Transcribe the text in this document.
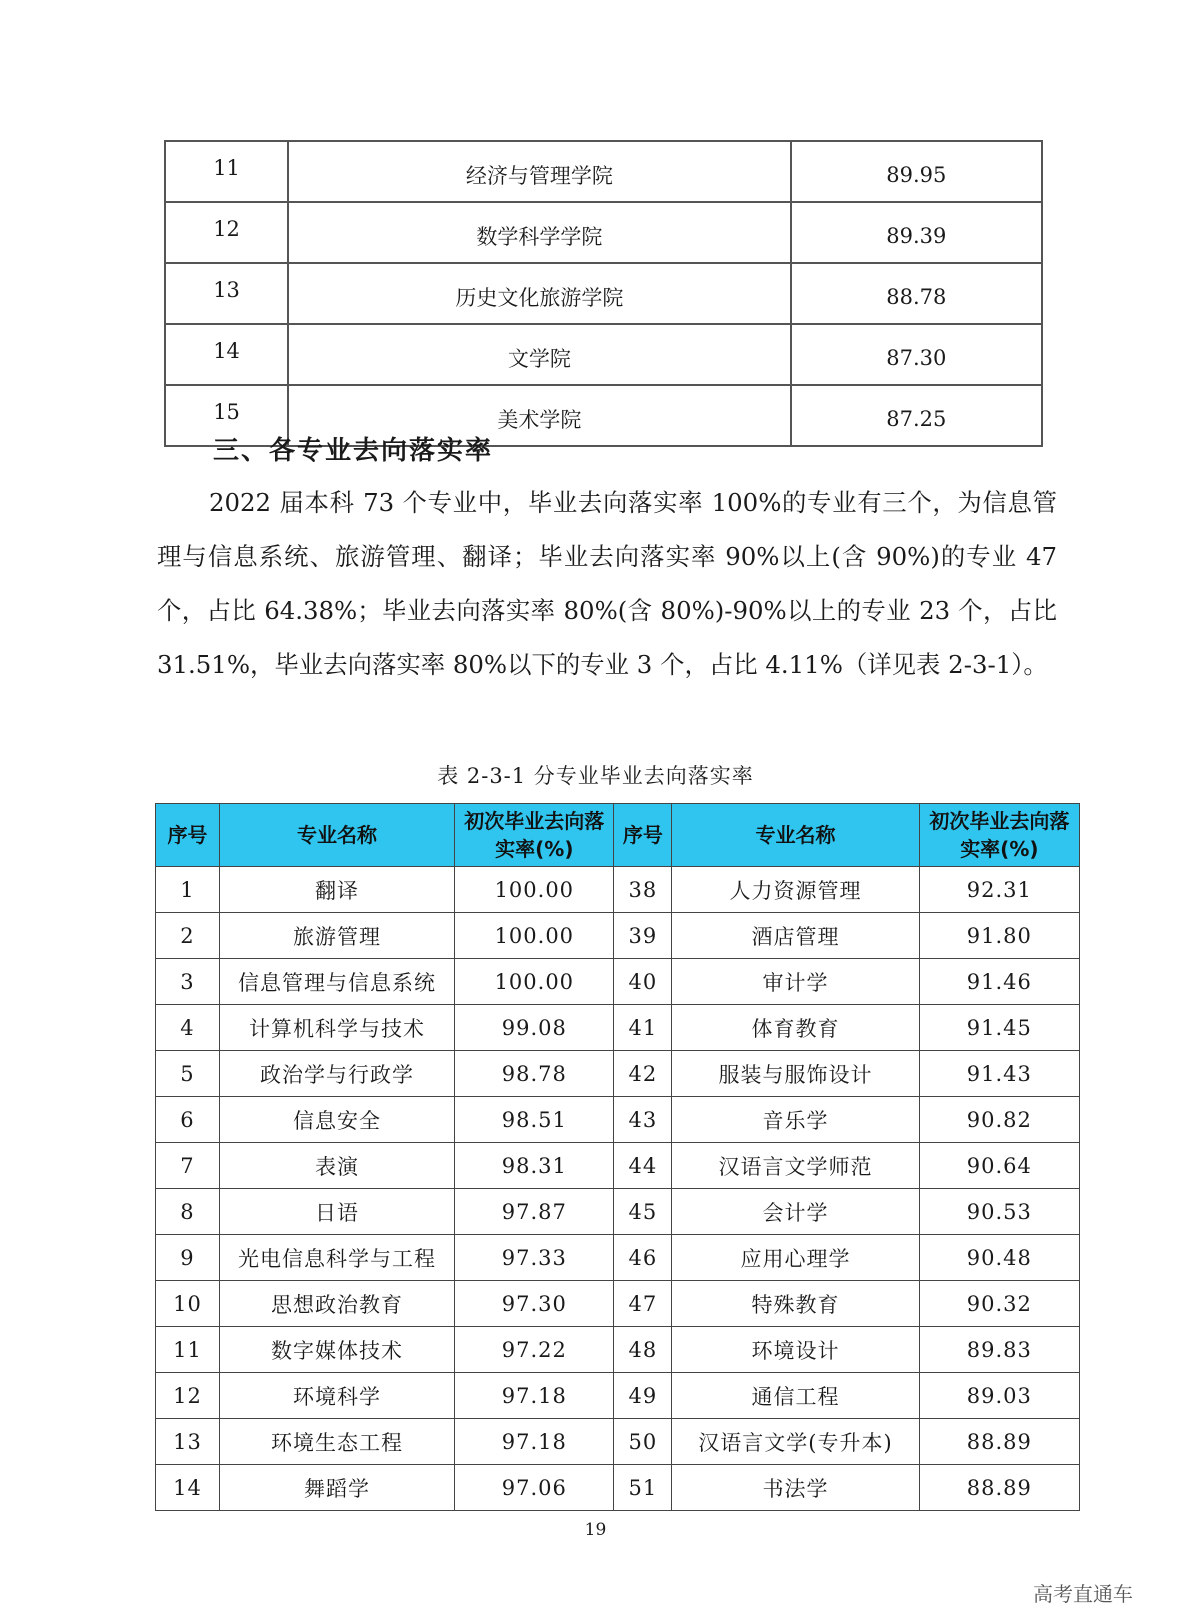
11	经济与管理学院	89.95
12	数学科学学院	89.39
13	历史文化旅游学院	88.78
14	文学院	87.30
15	美术学院	87.25
三、各专业去向落实率

2022 届本科 73 个专业中，毕业去向落实率 100%的专业有三个，为信息管理与信息系统、旅游管理、翻译；毕业去向落实率 90%以上(含 90%)的专业 47 个，占比 64.38%；毕业去向落实率 80%(含 80%)-90%以上的专业 23 个，占比 31.51%，毕业去向落实率 80%以下的专业 3 个，占比 4.11%（详见表 2-3-1）。

表 2-3-1 分专业毕业去向落实率
序号	专业名称	初次毕业去向落实率(%)	序号	专业名称	初次毕业去向落实率(%)
1	翻译	100.00	38	人力资源管理	92.31
2	旅游管理	100.00	39	酒店管理	91.80
3	信息管理与信息系统	100.00	40	审计学	91.46
4	计算机科学与技术	99.08	41	体育教育	91.45
5	政治学与行政学	98.78	42	服装与服饰设计	91.43
6	信息安全	98.51	43	音乐学	90.82
7	表演	98.31	44	汉语言文学师范	90.64
8	日语	97.87	45	会计学	90.53
9	光电信息科学与工程	97.33	46	应用心理学	90.48
10	思想政治教育	97.30	47	特殊教育	90.32
11	数字媒体技术	97.22	48	环境设计	89.83
12	环境科学	97.18	49	通信工程	89.03
13	环境生态工程	97.18	50	汉语言文学(专升本)	88.89
14	舞蹈学	97.06	51	书法学	88.89
19
高考直通车
